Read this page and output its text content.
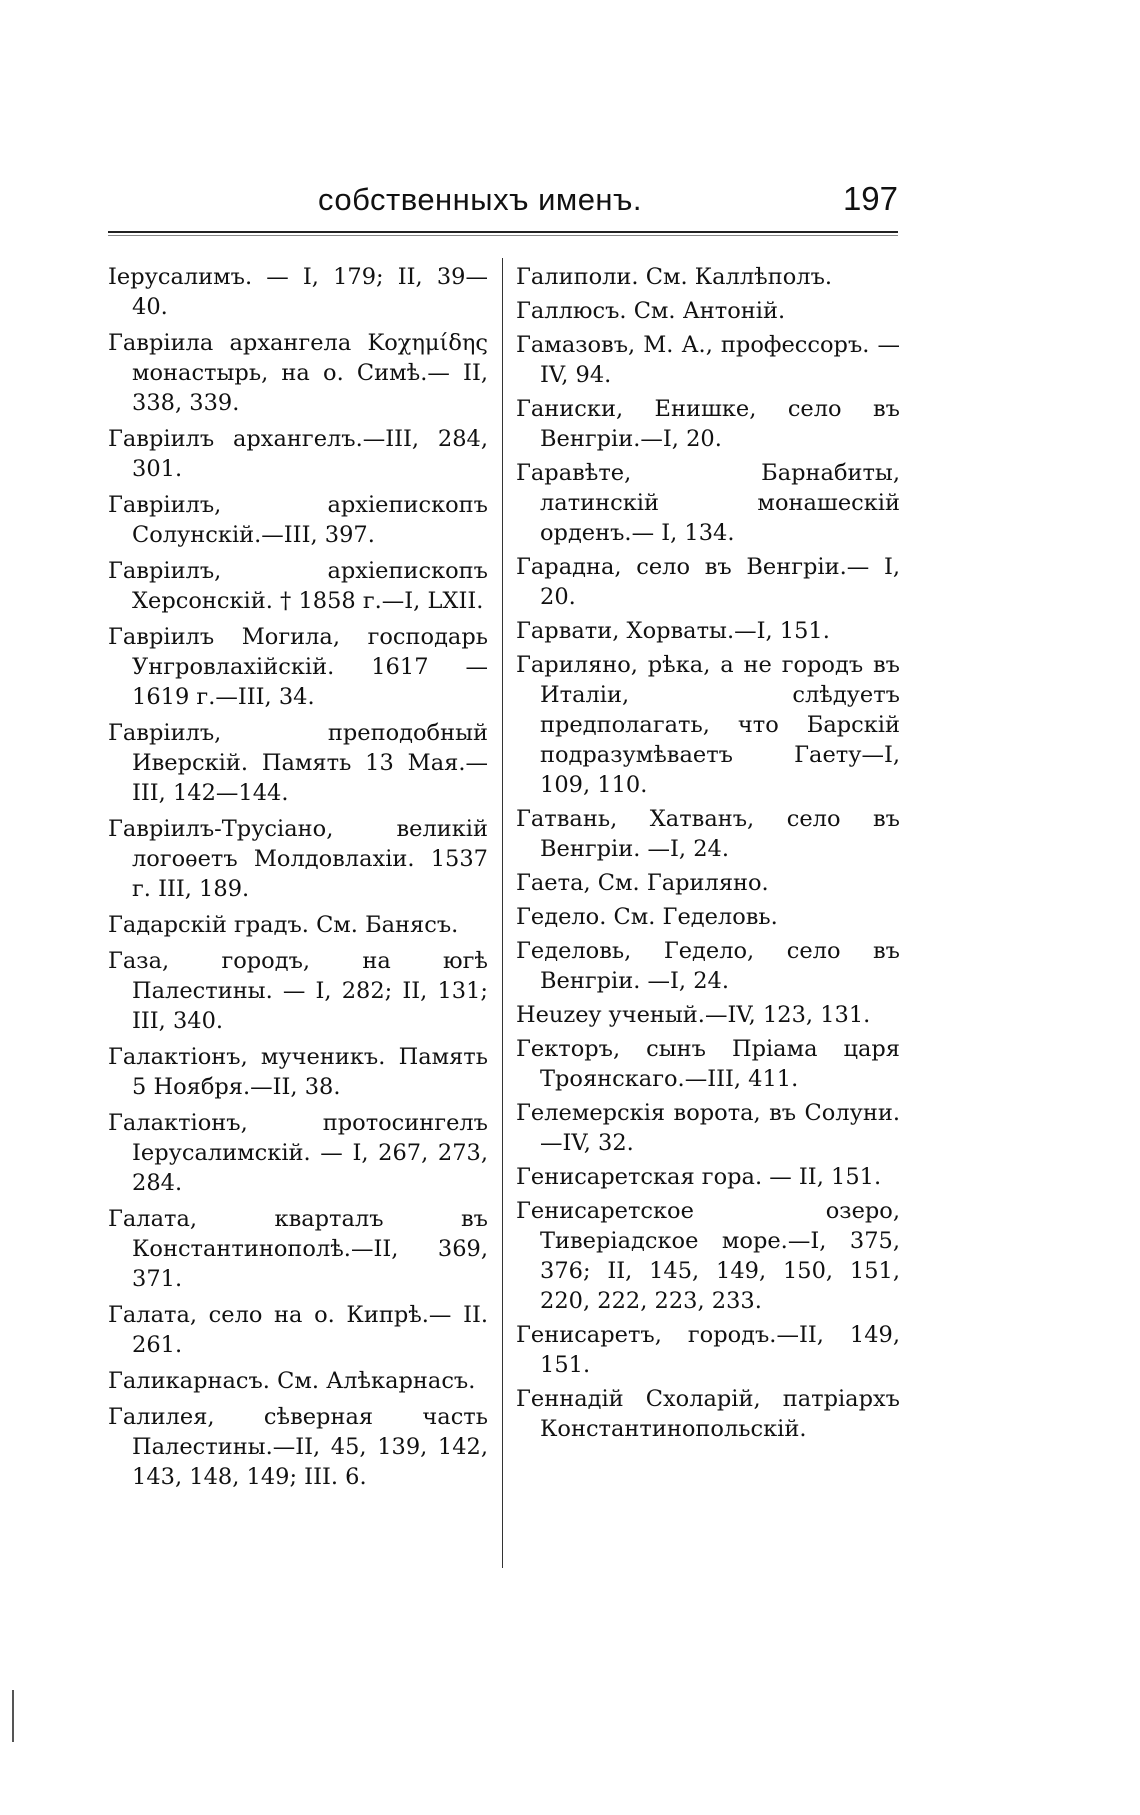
собственныхъ именъ.	197

Іерусалимъ. — I, 179; II, 39—40.

Гавріила архангела Κοχημίδης монастырь, на о. Симѣ.— II, 338, 339.

Гавріилъ архангелъ.—III, 284, 301.

Гавріилъ, архіепископъ Солунскій.—III, 397.

Гавріилъ, архіепископъ Херсонскій. † 1858 г.—I, LXII.

Гавріилъ Могила, господарь Унгровлахійскій. 1617 — 1619 г.—III, 34.

Гавріилъ, преподобный Иверскій. Память 13 Мая.—III, 142—144.

Гавріилъ-Трусіано, великій логоѳетъ Молдовлахіи. 1537 г. III, 189.

Гадарскій градъ. См. Банясъ.

Газа, городъ, на югѣ Палестины. — I, 282; II, 131; III, 340.

Галактіонъ, мученикъ. Память 5 Ноября.—II, 38.

Галактіонъ, протосингелъ Іерусалимскій. — I, 267, 273, 284.

Галата, кварталъ въ Константинополѣ.—II, 369, 371.

Галата, село на о. Кипрѣ.— II. 261.

Галикарнасъ. См. Алѣкарнасъ.

Галилея, сѣверная часть Палестины.—II, 45, 139, 142, 143, 148, 149; III. 6.

Галиполи. См. Каллѣполъ.

Галлюсъ. См. Антоній.

Гамазовъ, М. А., профессоръ. —IV, 94.

Ганиски, Енишке, село въ Венгріи.—I, 20.

Гаравѣте, Барнабиты, латинскій монашескій орденъ.— I, 134.

Гарадна, село въ Венгріи.— I, 20.

Гарвати, Хорваты.—I, 151.

Гариляно, рѣка, а не городъ въ Италіи, слѣдуетъ предполагать, что Барскій подразумѣваетъ Гаету—I, 109, 110.

Гатвань, Хатванъ, село въ Венгріи. —I, 24.

Гаета, См. Гариляно.

Гедело. См. Геделовь.

Геделовь, Гедело, село въ Венгріи. —I, 24.

Heuzey ученый.—IV, 123, 131.

Гекторъ, сынъ Пріама царя Троянскаго.—III, 411.

Гелемерскія ворота, въ Солуни.—IV, 32.

Генисаретская гора. — II, 151.

Генисаретское озеро, Тиверіадское море.—I, 375, 376; II, 145, 149, 150, 151, 220, 222, 223, 233.

Генисаретъ, городъ.—II, 149, 151.

Геннадій Схоларій, патріархъ Константинопольскій.
